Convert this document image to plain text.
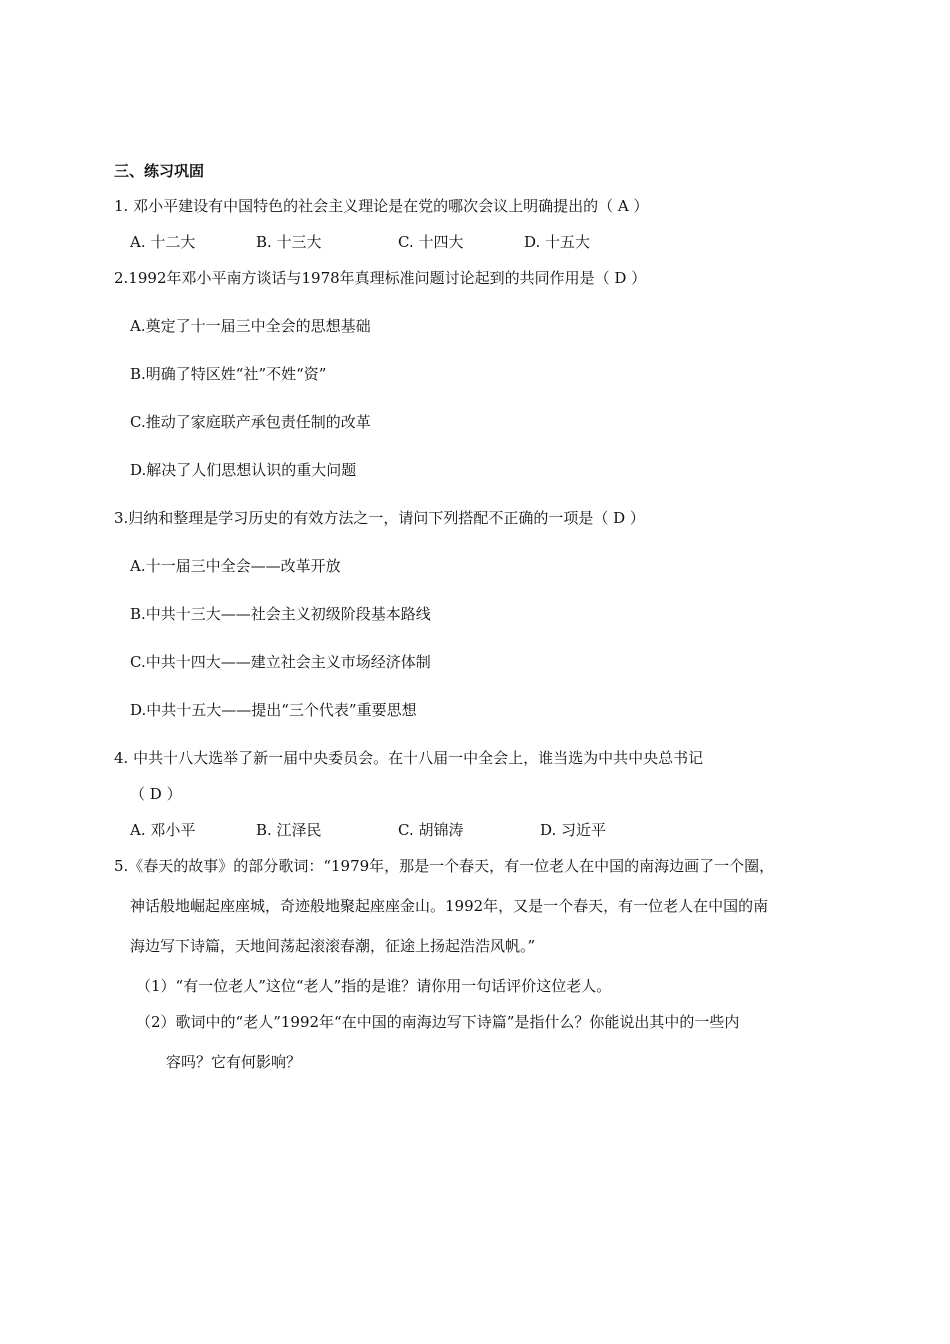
三、练习巩固
1. 邓小平建设有中国特色的社会主义理论是在党的哪次会议上明确提出的（ A ）
A. 十二大	B. 十三大	C. 十四大	D. 十五大
2.1992年邓小平南方谈话与1978年真理标准问题讨论起到的共同作用是（ D ）
A.奠定了十一届三中全会的思想基础
B.明确了特区姓“社”不姓“资”
C.推动了家庭联产承包责任制的改革
D.解决了人们思想认识的重大问题
3.归纳和整理是学习历史的有效方法之一，请问下列搭配不正确的一项是（ D ）
A.十一届三中全会——改革开放
B.中共十三大——社会主义初级阶段基本路线
C.中共十四大——建立社会主义市场经济体制
D.中共十五大——提出“三个代表”重要思想
4. 中共十八大选举了新一届中央委员会。在十八届一中全会上，谁当选为中共中央总书记
（ D ）
A. 邓小平	B. 江泽民	C. 胡锦涛	D. 习近平
5.《春天的故事》的部分歌词：“1979年，那是一个春天，有一位老人在中国的南海边画了一个圈，
神话般地崛起座座城，奇迹般地聚起座座金山。1992年，又是一个春天，有一位老人在中国的南
海边写下诗篇，天地间荡起滚滚春潮，征途上扬起浩浩风帆。”
（1）“有一位老人”这位“老人”指的是谁？请你用一句话评价这位老人。
（2）歌词中的“老人”1992年“在中国的南海边写下诗篇”是指什么？你能说出其中的一些内
容吗？它有何影响？
